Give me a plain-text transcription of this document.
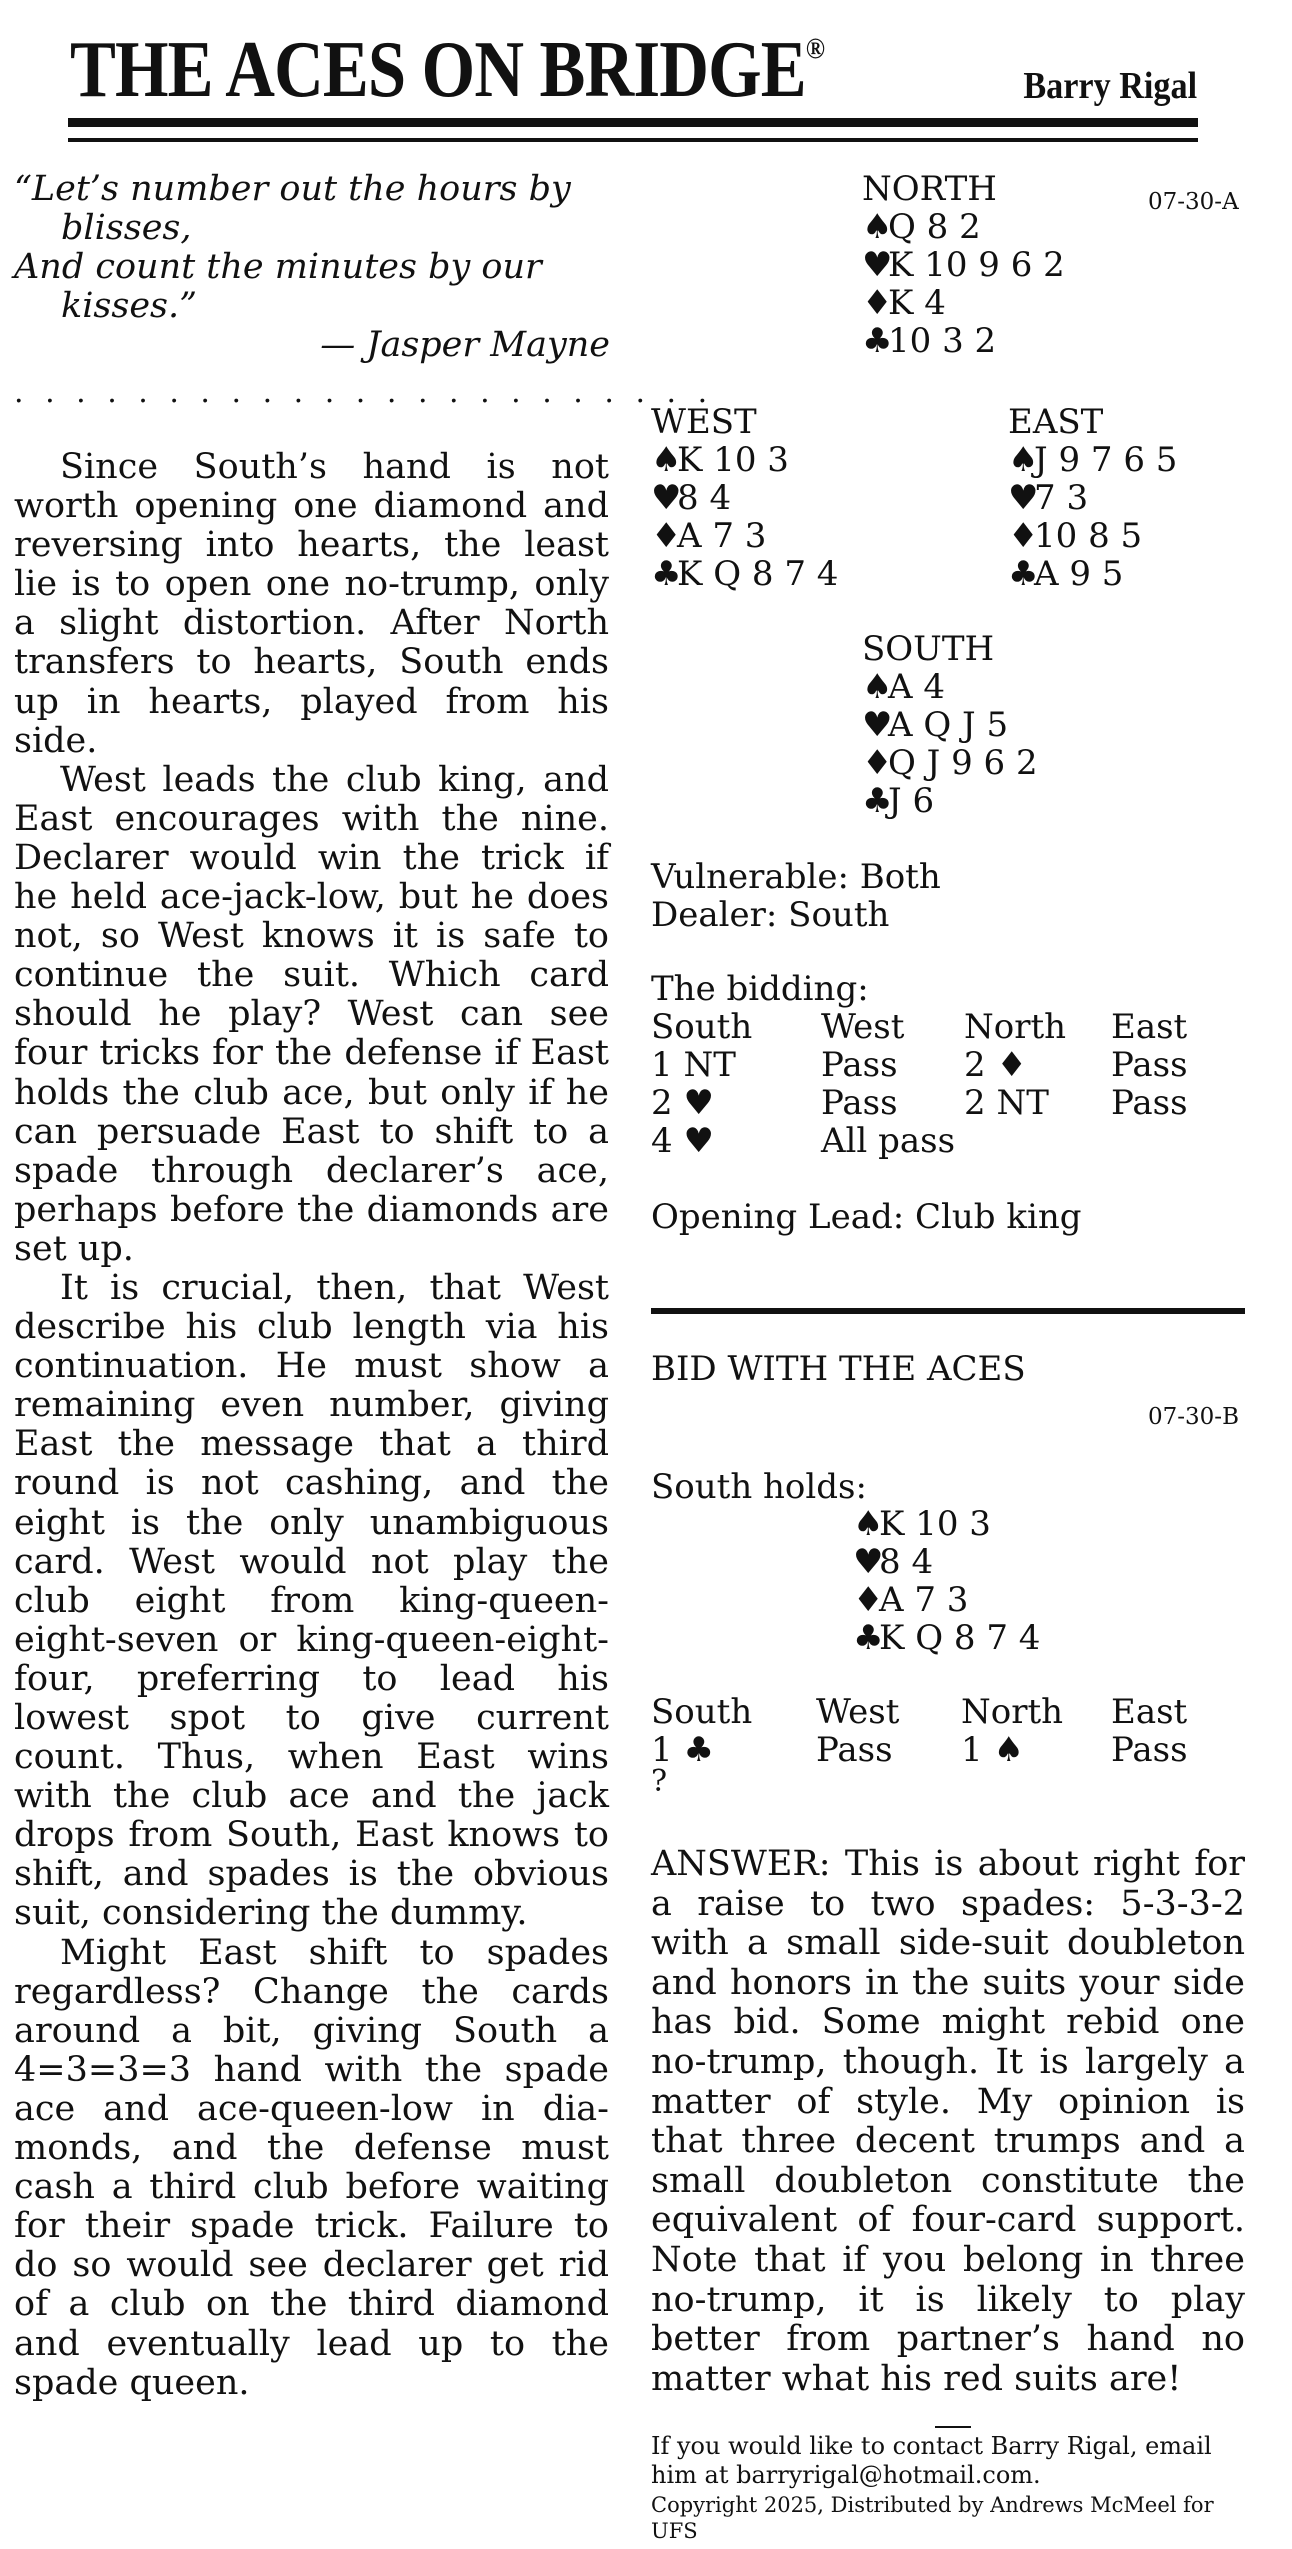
THE ACES ON BRIDGE®
Barry Rigal
“Let’s number out the hours by
blisses,
And count the minutes by our
kisses.”
— Jasper Mayne
. . . . . . . . . . . . . . . . . . . . . . .

Since South’s hand is not worth opening one diamond and reversing into hearts, the least lie is to open one no-trump, only a slight distortion. After North transfers to hearts, South ends up in hearts, played from his side.

West leads the club king, and East encourages with the nine. Declarer would win the trick if he held ace-jack-low, but he does not, so West knows it is safe to continue the suit. Which card should he play? West can see four tricks for the defense if East holds the club ace, but only if he can persuade East to shift to a spade through declarer’s ace, perhaps before the diamonds are set up.

It is crucial, then, that West describe his club length via his continuation. He must show a remaining even number, giving East the message that a third round is not cashing, and the eight is the only unambiguous card. West would not play the club eight from king-queen-eight-seven or king-queen-eight-four, preferring to lead his lowest spot to give current count. Thus, when East wins with the club ace and the jack drops from South, East knows to shift, and spades is the obvious suit, considering the dummy.

Might East shift to spades regardless? Change the cards around a bit, giving South a 4=3=3=3 hand with the spade ace and ace-queen-low in diamonds, and the defense must cash a third club before waiting for their spade trick. Failure to do so would see declarer get rid of a club on the third diamond and eventually lead up to the spade queen.

07-30-A
NORTH
♠Q 8 2
♥K 10 9 6 2
♦K 4
♣10 3 2
WEST
♠K 10 3
♥8 4
♦A 7 3
♣K Q 8 7 4
EAST
♠J 9 7 6 5
♥7 3
♦10 8 5
♣A 9 5
SOUTH
♠A 4
♥A Q J 5
♦Q J 9 6 2
♣J 6
Vulnerable: Both
Dealer: South
The bidding:
South West North East
1 NT	Pass 2 ♦ Pass
2 ♥	Pass 2 NT Pass
4 ♥	All pass
Opening Lead: Club king
BID WITH THE ACES
07-30-B
South holds:
♠K 10 3
♥8 4
♦A 7 3
♣K Q 8 7 4
South West North East
1 ♣	Pass 1 ♠	Pass
?

ANSWER: This is about right for a raise to two spades: 5-3-3-2 with a small side-suit doubleton and honors in the suits your side has bid. Some might rebid one no-trump, though. It is largely a matter of style. My opinion is that three decent trumps and a small doubleton constitute the equivalent of four-card support. Note that if you belong in three no-trump, it is likely to play better from partner’s hand no matter what his red suits are!

If you would like to contact Barry Rigal, email him at barryrigal@hotmail.com.
Copyright 2025, Distributed by Andrews McMeel for UFS
